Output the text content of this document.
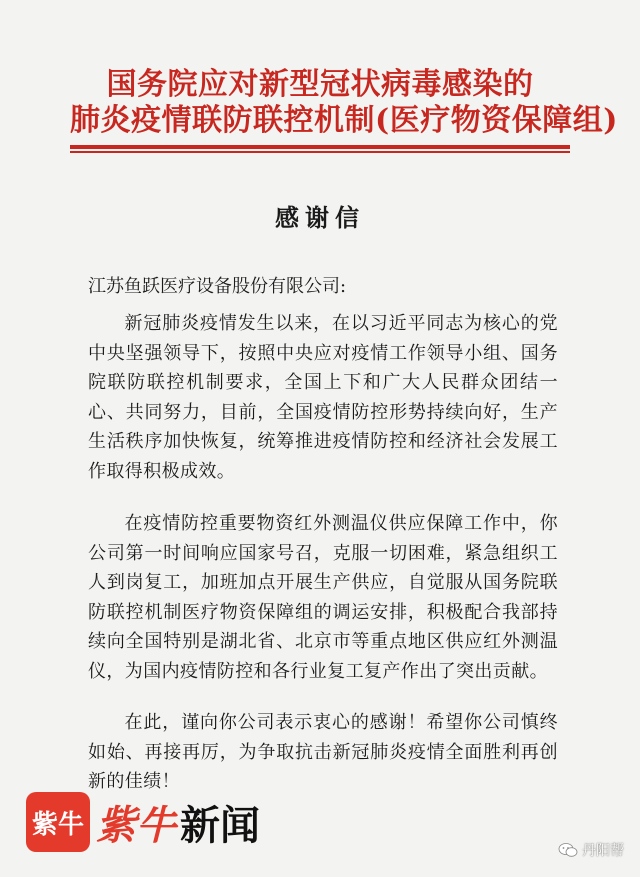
国务院应对新型冠状病毒感染的
肺炎疫情联防联控机制(医疗物资保障组)
感谢信
江苏鱼跃医疗设备股份有限公司:
新冠肺炎疫情发生以来，在以习近平同志为核心的党中央坚强领导下，按照中央应对疫情工作领导小组、国务院联防联控机制要求，全国上下和广大人民群众团结一心、共同努力，目前，全国疫情防控形势持续向好，生产生活秩序加快恢复，统筹推进疫情防控和经济社会发展工作取得积极成效。
在疫情防控重要物资红外测温仪供应保障工作中，你公司第一时间响应国家号召，克服一切困难，紧急组织工人到岗复工，加班加点开展生产供应，自觉服从国务院联防联控机制医疗物资保障组的调运安排，积极配合我部持续向全国特别是湖北省、北京市等重点地区供应红外测温仪，为国内疫情防控和各行业复工复产作出了突出贡献。
在此，谨向你公司表示衷心的感谢！希望你公司慎终如始、再接再厉，为争取抗击新冠肺炎疫情全面胜利再创新的佳绩！
紫牛 紫牛 新闻
丹阳帮
